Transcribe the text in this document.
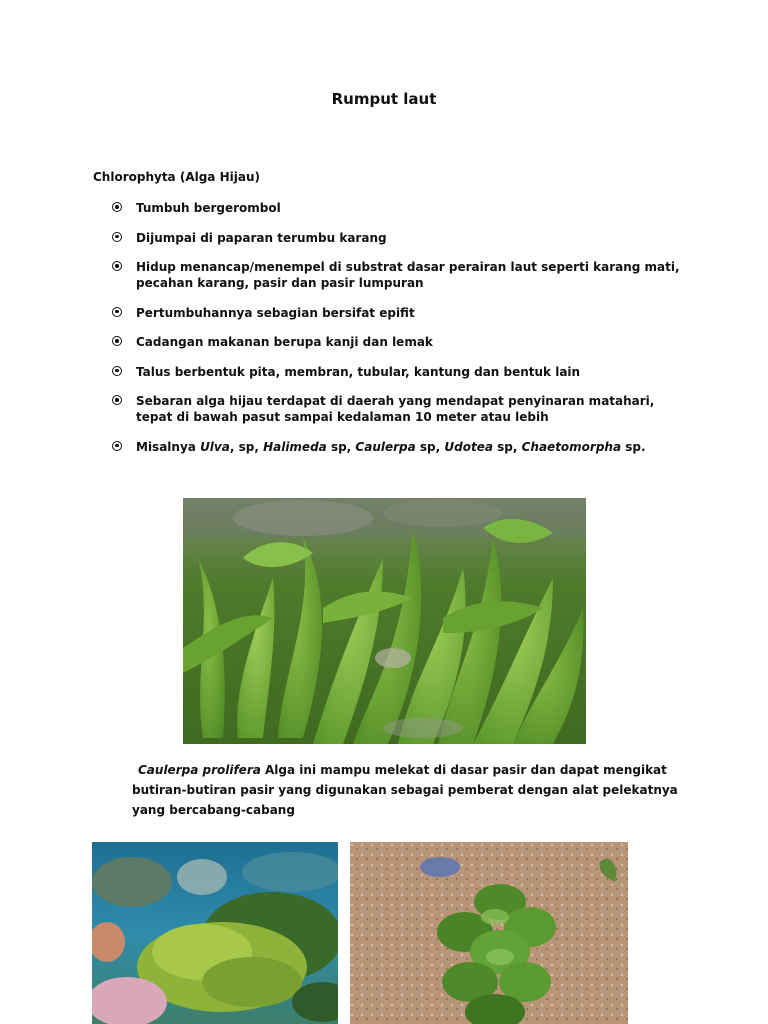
Rumput laut
Chlorophyta (Alga Hijau)
Tumbuh bergerombol
Dijumpai di paparan terumbu karang
Hidup menancap/menempel di substrat dasar perairan laut seperti karang mati, pecahan karang, pasir dan pasir lumpuran
Pertumbuhannya sebagian bersifat epifit
Cadangan makanan berupa kanji dan lemak
Talus berbentuk pita, membran, tubular, kantung dan bentuk lain
Sebaran alga hijau terdapat di daerah yang mendapat penyinaran matahari, tepat di bawah pasut sampai kedalaman 10 meter atau lebih
Misalnya Ulva, sp, Halimeda sp, Caulerpa sp, Udotea sp, Chaetomorpha sp.
Caulerpa prolifera Alga ini mampu melekat di dasar pasir dan dapat mengikat butiran-butiran pasir yang digunakan sebagai pemberat dengan alat pelekatnya yang bercabang-cabang
